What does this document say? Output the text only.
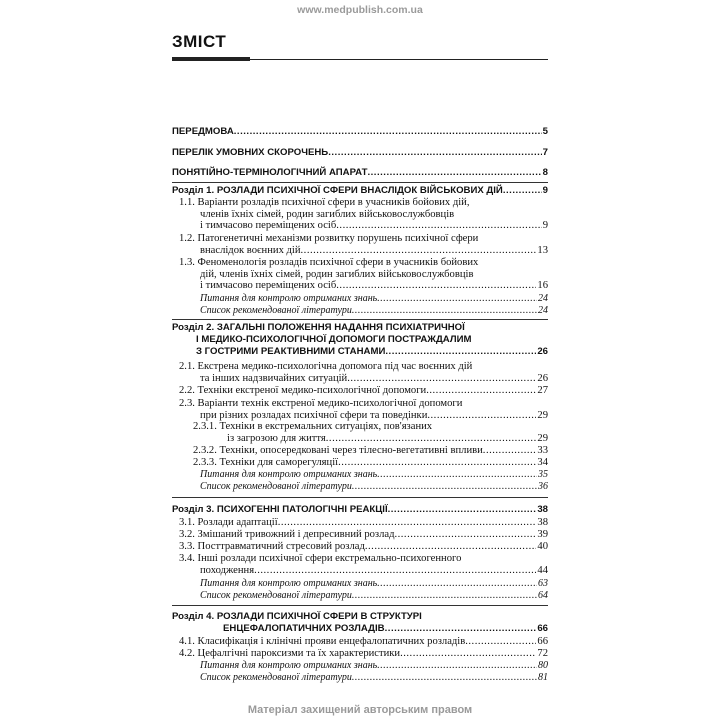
www.medpublish.com.ua
ЗМІСТ
ПЕРЕДМОВА .....	5
ПЕРЕЛІК УМОВНИХ СКОРОЧЕНЬ .....	7
ПОНЯТІЙНО-ТЕРМІНОЛОГІЧНИЙ АПАРАТ .....	8
Розділ 1. РОЗЛАДИ ПСИХІЧНОЇ СФЕРИ ВНАСЛІДОК ВІЙСЬКОВИХ ДІЙ .....	9
1.1. Варіанти розладів психічної сфери в учасників бойових дій,
членів їхніх сімей, родин загиблих військовослужбовців
і тимчасово переміщених осіб .....	9
1.2. Патогенетичні механізми розвитку порушень психічної сфери
внаслідок воєнних дій .....	13
1.3. Феноменологія розладів психічної сфери в учасників бойових
дій, членів їхніх сімей, родин загиблих військовослужбовців
і тимчасово переміщених осіб .....	16
Питання для контролю отриманих знань .....	24
Список рекомендованої літератури .....	24
Розділ 2. ЗАГАЛЬНІ ПОЛОЖЕННЯ НАДАННЯ ПСИХІАТРИЧНОЇ
І МЕДИКО-ПСИХОЛОГІЧНОЇ ДОПОМОГИ ПОСТРАЖДАЛИМ
З ГОСТРИМИ РЕАКТИВНИМИ СТАНАМИ .....	26
2.1. Екстрена медико-психологічна допомога під час воєнних дій
та інших надзвичайних ситуацій .....	26
2.2. Техніки екстреної медико-психологічної допомоги .....	27
2.3. Варіанти технік екстреної медико-психологічної допомоги
при різних розладах психічної сфери та поведінки .....	29
2.3.1. Техніки в екстремальних ситуаціях, пов'язаних
із загрозою для життя .....	29
2.3.2. Техніки, опосередковані через тілесно-вегетативні впливи .....	33
2.3.3. Техніки для саморегуляції .....	34
Питання для контролю отриманих знань .....	35
Список рекомендованої літератури .....	36
Розділ 3. ПСИХОГЕННІ ПАТОЛОГІЧНІ РЕАКЦІЇ .....	38
3.1. Розлади адаптації .....	38
3.2. Змішаний тривожний і депресивний розлад .....	39
3.3. Посттравматичний стресовий розлад .....	40
3.4. Інші розлади психічної сфери екстремально-психогенного
походження .....	44
Питання для контролю отриманих знань .....	63
Список рекомендованої літератури .....	64
Розділ 4. РОЗЛАДИ ПСИХІЧНОЇ СФЕРИ В СТРУКТУРІ
ЕНЦЕФАЛОПАТИЧНИХ РОЗЛАДІВ .....	66
4.1. Класифікація і клінічні прояви енцефалопатичних розладів .....	66
4.2. Цефалгічні пароксизми та їх характеристики .....	72
Питання для контролю отриманих знань .....	80
Список рекомендованої літератури .....	81
Матеріал захищений авторським правом
